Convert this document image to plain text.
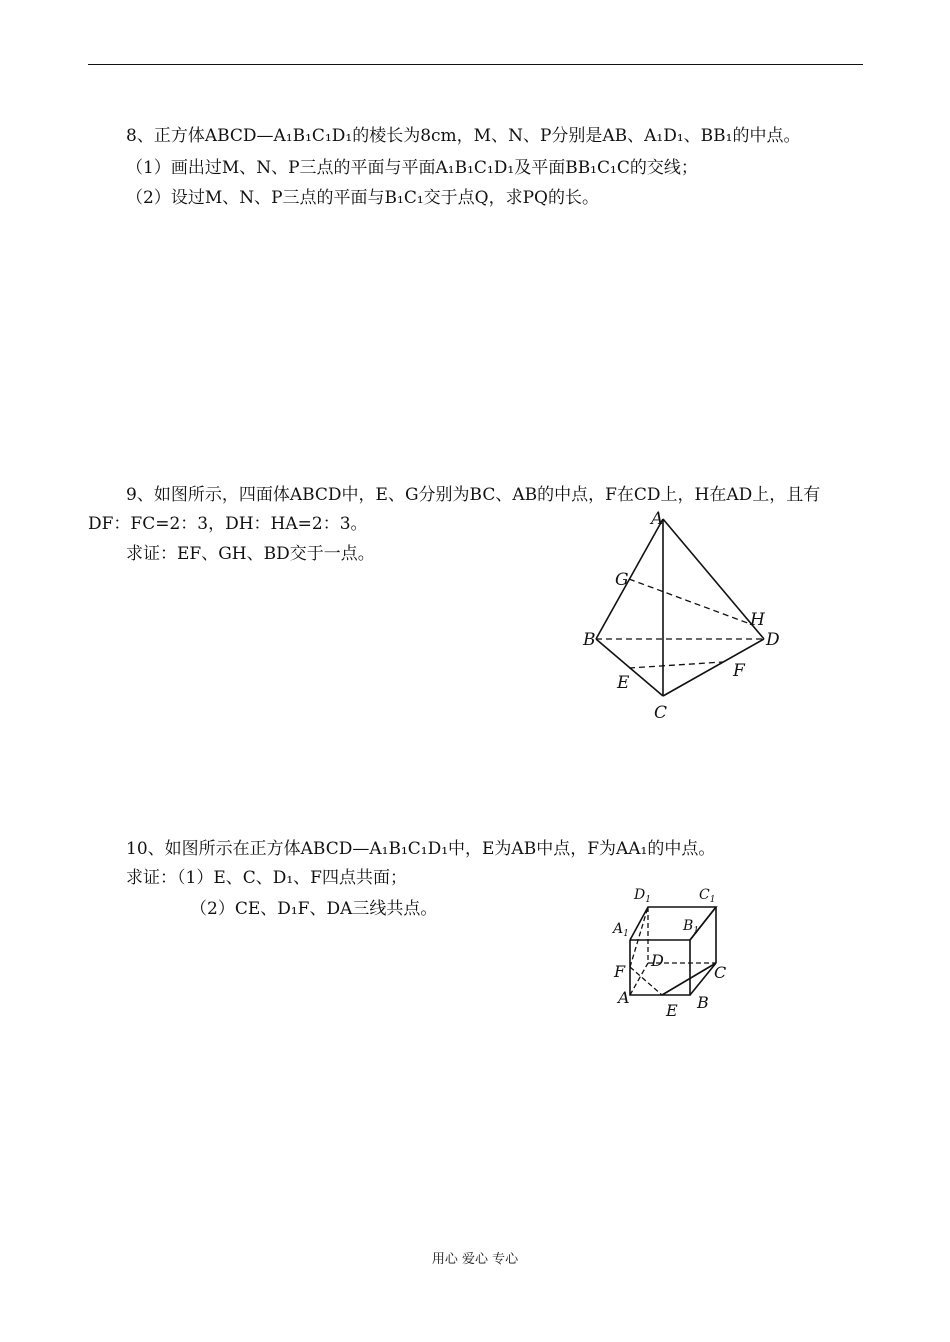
8、正方体ABCD—A₁B₁C₁D₁的棱长为8cm，M、N、P分别是AB、A₁D₁、BB₁的中点。
（1）画出过M、N、P三点的平面与平面A₁B₁C₁D₁及平面BB₁C₁C的交线；
（2）设过M、N、P三点的平面与B₁C₁交于点Q，求PQ的长。
9、如图所示，四面体ABCD中，E、G分别为BC、AB的中点，F在CD上，H在AD上，且有
DF：FC=2：3，DH：HA=2：3。
求证：EF、GH、BD交于一点。
A
G
H
B	D
F
E
C
10、如图所示在正方体ABCD—A₁B₁C₁D₁中，E为AB中点，F为AA₁的中点。
求证：（1）E、C、D₁、F四点共面；
（2）CE、D₁F、DA三线共点。
$D_1$	$C_1$
$A_1$	$B_1$
F
D
C
A	B
E
用心 爱心 专心
